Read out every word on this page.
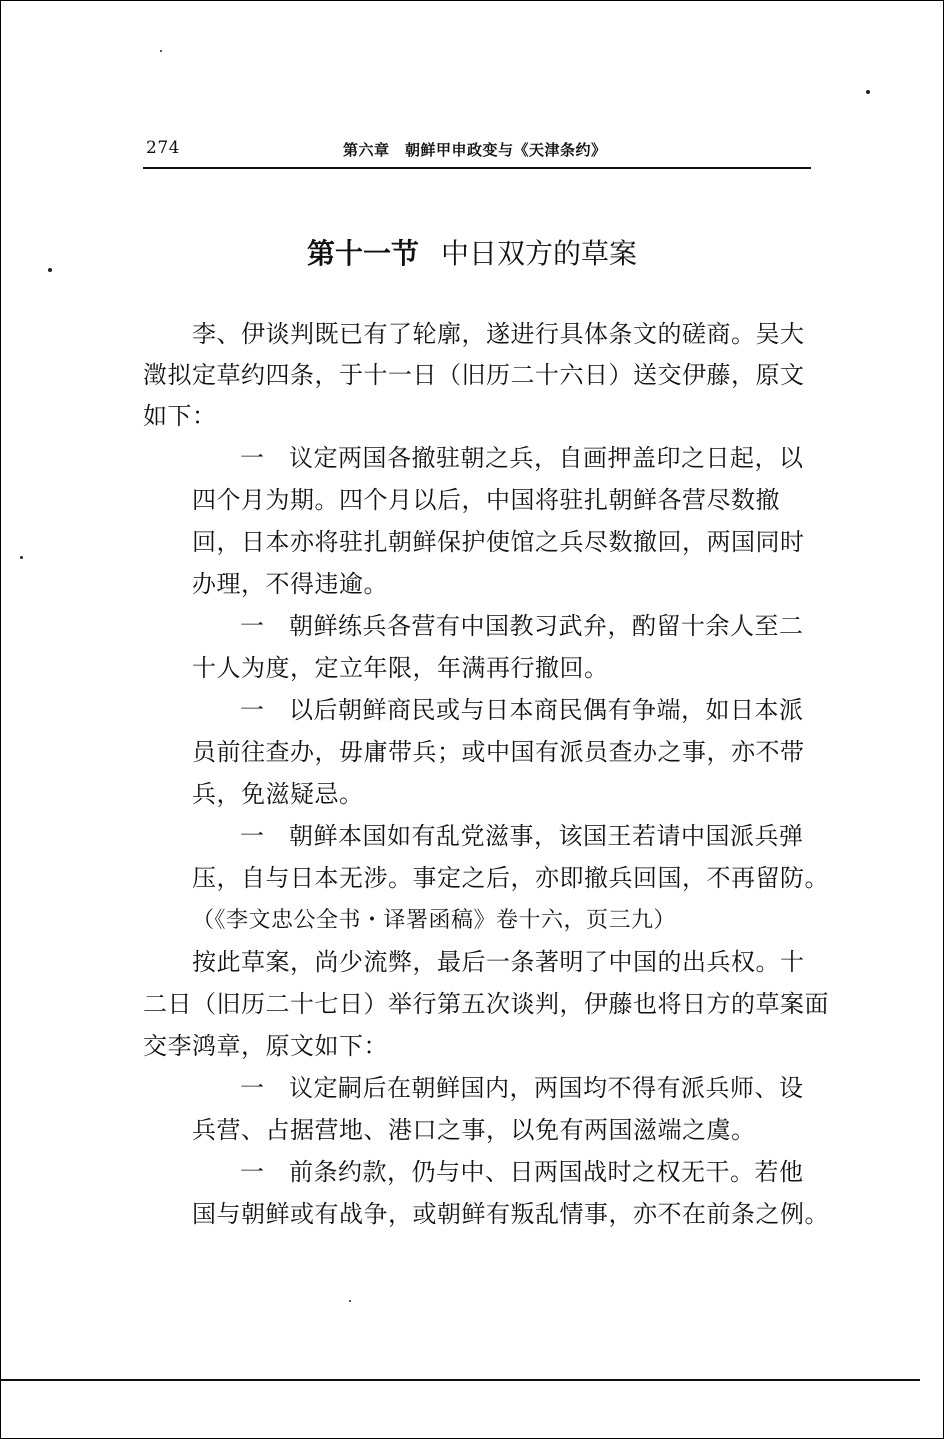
274	第六章　朝鲜甲申政变与《天津条约》
第十一节 中日双方的草案
李、伊谈判既已有了轮廓，遂进行具体条文的磋商。吴大
澂拟定草约四条，于十一日（旧历二十六日）送交伊藤，原文
如下：
一　议定两国各撤驻朝之兵，自画押盖印之日起，以
四个月为期。四个月以后，中国将驻扎朝鲜各营尽数撤
回，日本亦将驻扎朝鲜保护使馆之兵尽数撤回，两国同时
办理，不得违逾。
一　朝鲜练兵各营有中国教习武弁，酌留十余人至二
十人为度，定立年限，年满再行撤回。
一　以后朝鲜商民或与日本商民偶有争端，如日本派
员前往查办，毋庸带兵；或中国有派员查办之事，亦不带
兵，免滋疑忌。
一　朝鲜本国如有乱党滋事，该国王若请中国派兵弹
压，自与日本无涉。事定之后，亦即撤兵回国，不再留防。
（《李文忠公全书・译署函稿》卷十六，页三九）
按此草案，尚少流弊，最后一条著明了中国的出兵权。十
二日（旧历二十七日）举行第五次谈判，伊藤也将日方的草案面
交李鸿章，原文如下：
一　议定嗣后在朝鲜国内，两国均不得有派兵师、设
兵营、占据营地、港口之事，以免有两国滋端之虞。
一　前条约款，仍与中、日两国战时之权无干。若他
国与朝鲜或有战争，或朝鲜有叛乱情事，亦不在前条之例。
